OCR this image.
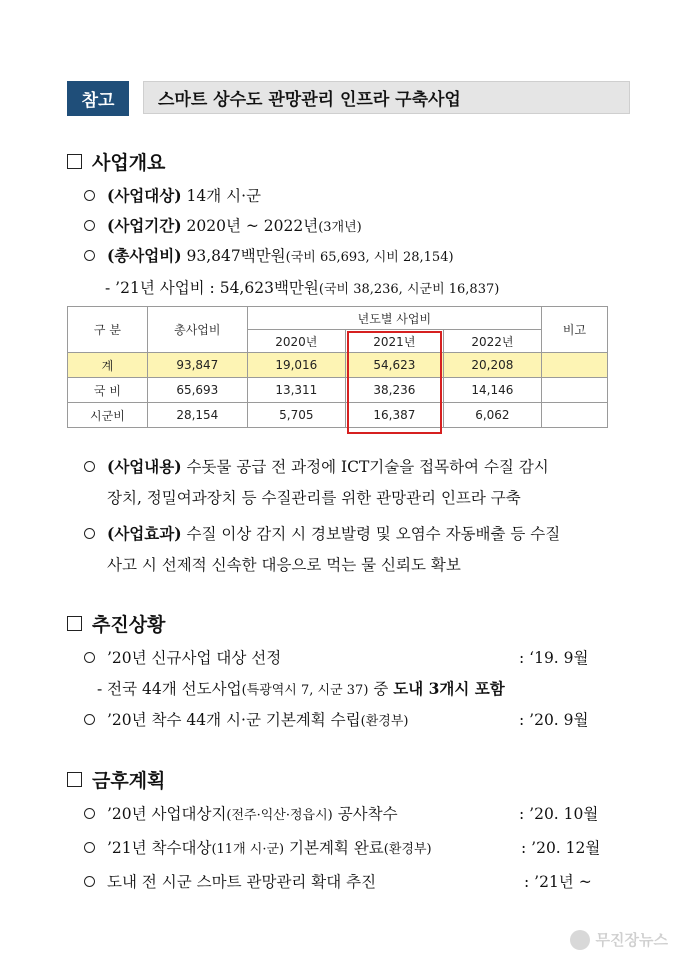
참고	스마트 상수도 관망관리 인프라 구축사업
사업개요
(사업대상)
14개 시·군
(사업기간)
2020년 ~ 2022년 (3개년)
(총사업비)
93,847백만원 (국비 65,693, 시비 28,154)
- ’21년 사업비 : 54,623백만원 (국비 38,236, 시군비 16,837)
구 분	총사업비	년도별 사업비			비고
		2020년	2021년	2022년	
계	93,847	19,016	54,623	20,208	
국 비	65,693	13,311	38,236	14,146	
시군비	28,154	5,705	16,387	6,062	
(사업내용)
수돗물 공급 전 과정에 ICT기술을 접목하여 수질 감시
장치, 정밀여과장치 등 수질관리를 위한 관망관리 인프라 구축
(사업효과)
수질 이상 감지 시 경보발령 및 오염수 자동배출 등 수질
사고 시 선제적 신속한 대응으로 먹는 물 신뢰도 확보
추진상황
’20년 신규사업 대상 선정	: ‘19. 9월
- 전국 44개 선도사업 (특광역시 7, 시군 37)
중
도내 3개시 포함
’20년 착수 44개 시·군 기본계획 수립 (환경부)	: ’20. 9월
금후계획
’20년 사업대상지 (전주·익산·정읍시)
공사착수	: ’20. 10월
’21년 착수대상 (11개 시·군)
기본계획 완료 (환경부)	: ’20. 12월
도내 전 시군 스마트 관망관리 확대 추진	: ’21년 ~
무진장뉴스
